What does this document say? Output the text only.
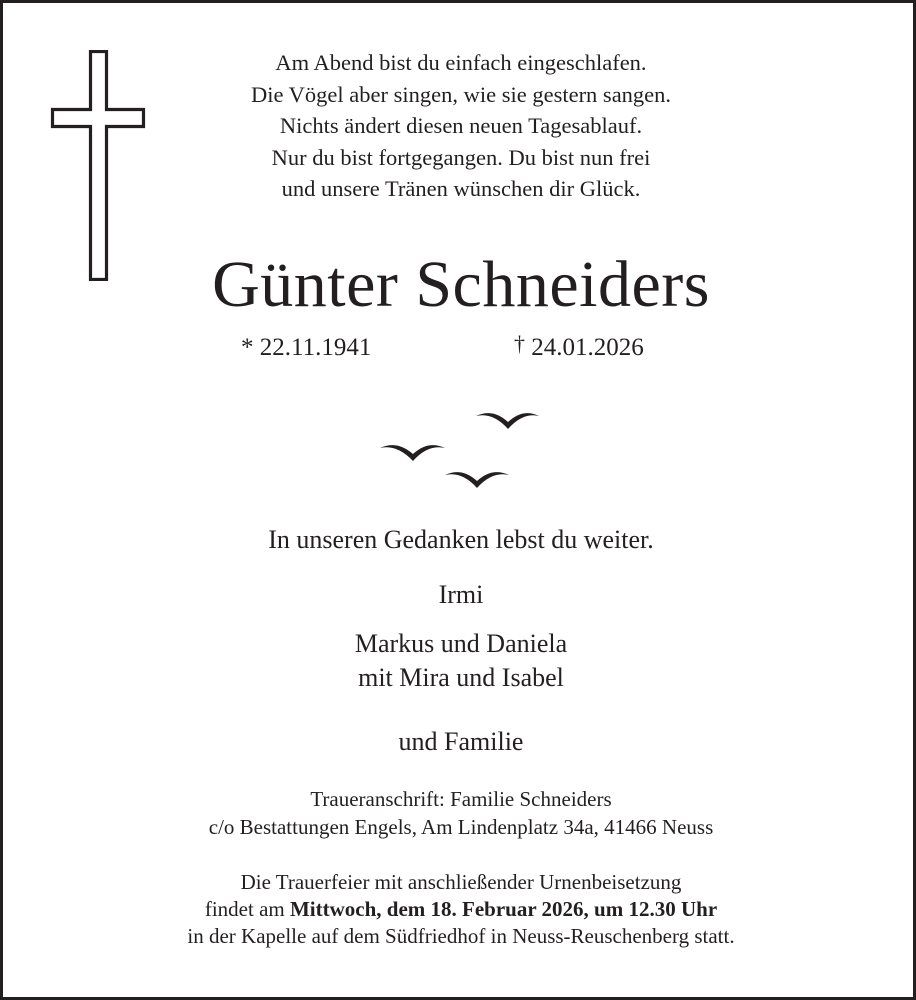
Am Abend bist du einfach eingeschlafen.
Die Vögel aber singen, wie sie gestern sangen.
Nichts ändert diesen neuen Tagesablauf.
Nur du bist fortgegangen. Du bist nun frei
und unsere Tränen wünschen dir Glück.
Günter Schneiders
* 22.11.1941	† 24.01.2026
In unseren Gedanken lebst du weiter.
Irmi
Markus und Daniela
mit Mira und Isabel
und Familie
Traueranschrift: Familie Schneiders
c/o Bestattungen Engels, Am Lindenplatz 34a, 41466 Neuss
Die Trauerfeier mit anschließender Urnenbeisetzung
findet am Mittwoch, dem 18. Februar 2026, um 12.30 Uhr
in der Kapelle auf dem Südfriedhof in Neuss-Reuschenberg statt.
